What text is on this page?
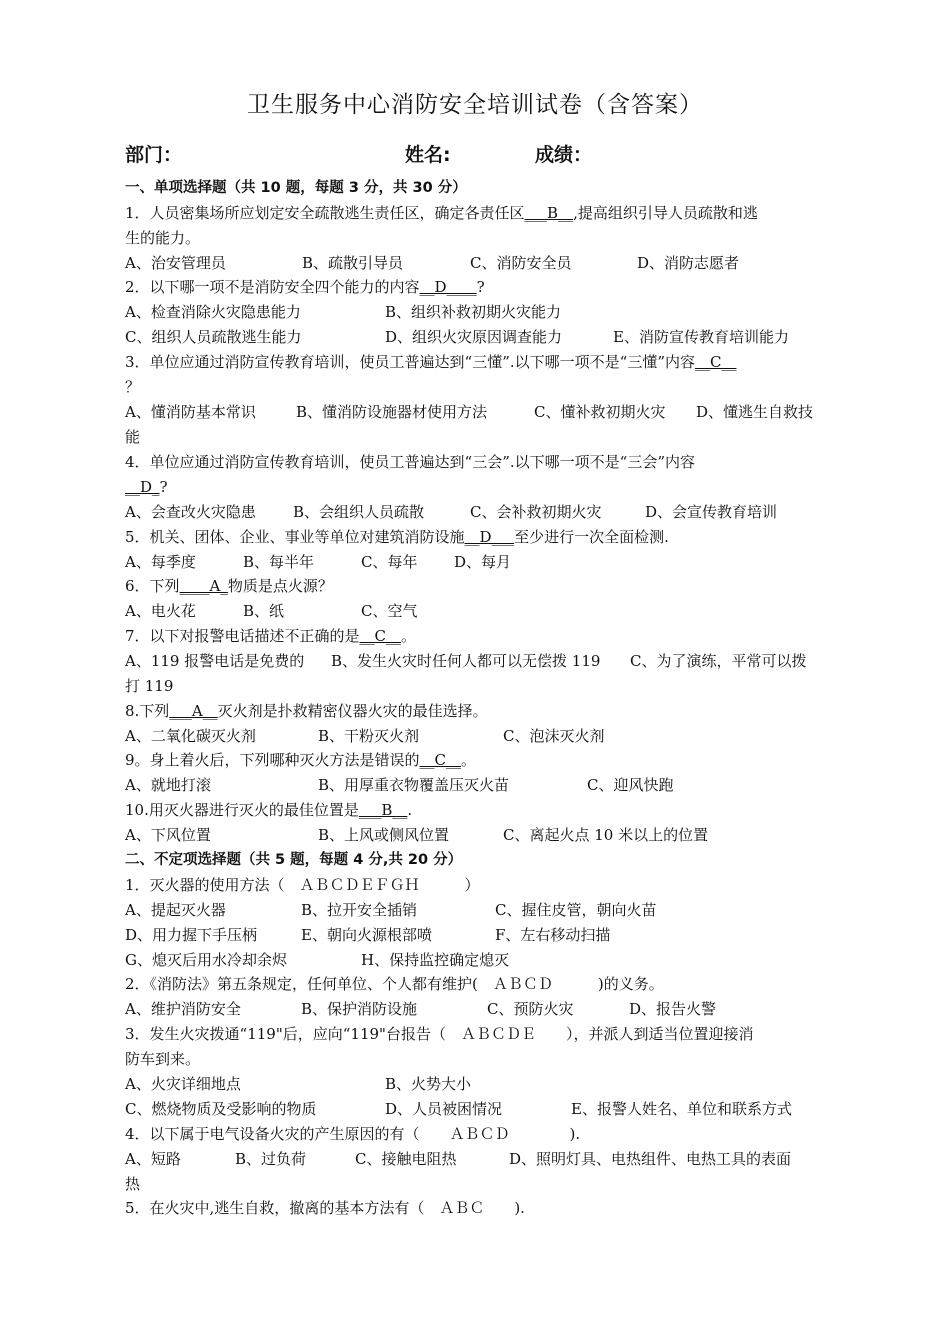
卫生服务中心消防安全培训试卷（含答案）
部门：	姓名:	成绩：
一、单项选择题（共 10 题，每题 3 分，共 30 分）
1．人员密集场所应划定安全疏散逃生责任区，确定各责任区___B__,提高组织引导人员疏散和逃
生的能力。
A、治安管理员	B、疏散引导员	C、消防安全员	D、消防志愿者
2．以下哪一项不是消防安全四个能力的内容__D____?
A、检查消除火灾隐患能力	B、组织补救初期火灾能力
C、组织人员疏散逃生能力	D、组织火灾原因调查能力	E、消防宣传教育培训能力
3．单位应通过消防宣传教育培训，使员工普遍达到“三懂”.以下哪一项不是“三懂”内容__C__
？
A、懂消防基本常识	B、懂消防设施器材使用方法	C、懂补救初期火灾 D、懂逃生自救技
能
4．单位应通过消防宣传教育培训，使员工普遍达到“三会”.以下哪一项不是“三会”内容
__D_?
A、会查改火灾隐患 B、会组织人员疏散	C、会补救初期火灾	D、会宣传教育培训
5．机关、团体、企业、事业等单位对建筑消防设施__D___至少进行一次全面检测.
A、每季度	B、每半年	C、每年 D、每月
6．下列____A_物质是点火源？
A、电火花	B、纸	C、空气
7．以下对报警电话描述不正确的是__C__。
A、119 报警电话是免费的 B、发生火灾时任何人都可以无偿拨 119 C、为了演练，平常可以拨
打 119
8.下列___A__灭火剂是扑救精密仪器火灾的最佳选择。
A、二氧化碳灭火剂	B、干粉灭火剂	C、泡沫灭火剂
9。身上着火后，下列哪种灭火方法是错误的__C__。
A、就地打滚	B、用厚重衣物覆盖压灭火苗	C、迎风快跑
10.用灭火器进行灭火的最佳位置是___B__.
A、下风位置	B、上风或侧风位置	C、离起火点 10 米以上的位置
二、不定项选择题（共 5 题，每题 4 分,共 20 分）
1．灭火器的使用方法（　ＡＢＣＤＥＦＧＨ　　　）
A、提起灭火器	B、拉开安全插销	C、握住皮管，朝向火苗
D、用力握下手压柄	E、朝向火源根部喷	F、左右移动扫描
G、熄灭后用水冷却余烬	H、保持监控确定熄灭
2．《消防法》第五条规定，任何单位、个人都有维护(　ＡＢＣＤ　　　)的义务。
A、维护消防安全	B、保护消防设施	C、预防火灾	D、报告火警
3．发生火灾拨通“119"后，应向“119"台报告（　ＡＢＣＤＥ　　），并派人到适当位置迎接消
防车到来。
A、火灾详细地点	B、火势大小
C、燃烧物质及受影响的物质	D、人员被困情况	E、报警人姓名、单位和联系方式
4．以下属于电气设备火灾的产生原因的有（　　ＡＢＣＤ　　　　).
A、短路	B、过负荷	C、接触电阻热	D、照明灯具、电热组件、电热工具的表面
热
5．在火灾中,逃生自救，撤离的基本方法有（　ＡＢＣ　　).
